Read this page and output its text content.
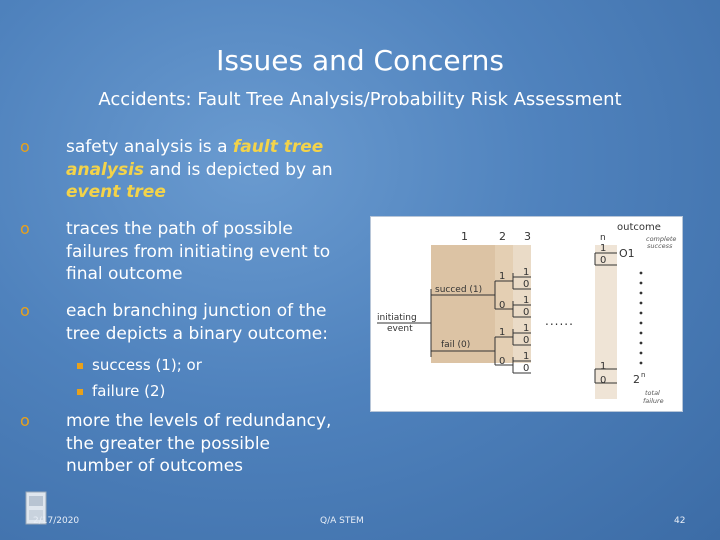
Issues and Concerns
Accidents: Fault Tree Analysis/Probability Risk Assessment
o safety analysis is a fault tree
analysis and is depicted by an
event tree
o traces the path of possible
failures from initiating event to
final outcome
o each branching junction of the
tree depicts a binary outcome:
success (1); or
failure (2)
o more the levels of redundancy,
the greater the possible
number of outcomes
1	2 3	n
outcome
complete
success
O1
initiating
event
succed (1)
fail (0)
1
0
1
0
1
0
1
0
1
0
1
0
......
1
0
1
0 2 n
total
failure
2/17/2020	Q/A STEM	42
